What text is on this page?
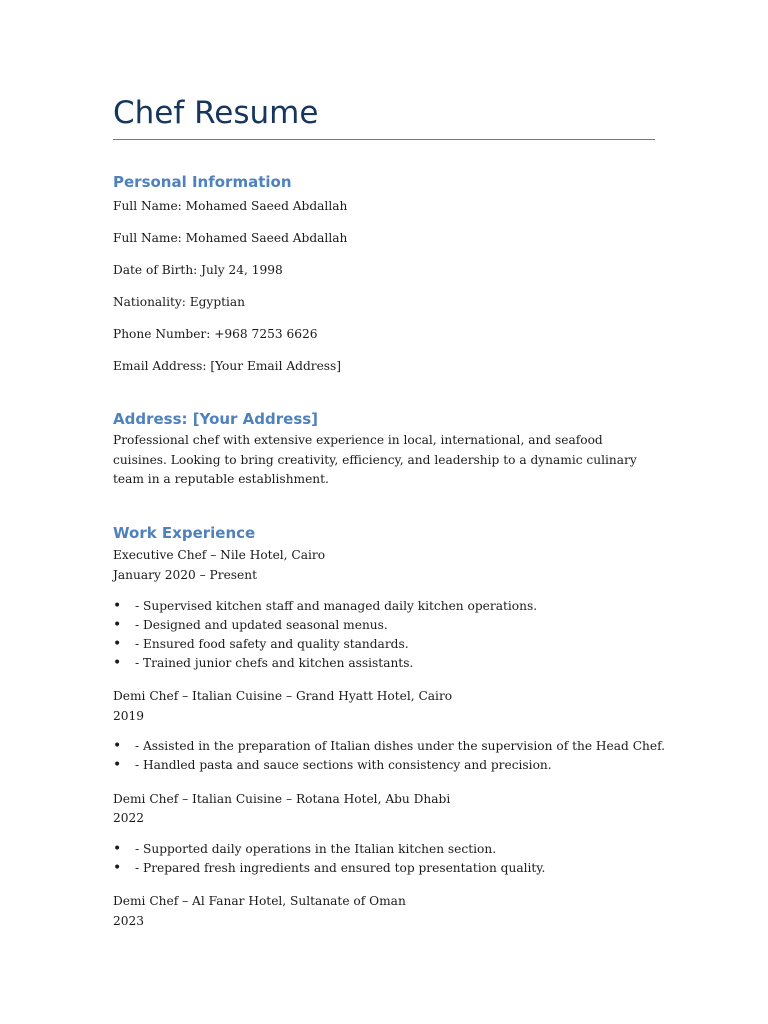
Chef Resume
Personal Information

Full Name: Mohamed Saeed Abdallah

Full Name: Mohamed Saeed Abdallah

Date of Birth: July 24, 1998

Nationality: Egyptian

Phone Number: +968 7253 6626

Email Address: [Your Email Address]

Address: [Your Address]

Professional chef with extensive experience in local, international, and seafood cuisines. Looking to bring creativity, efficiency, and leadership to a dynamic culinary team in a reputable establishment.

Work Experience

Executive Chef – Nile Hotel, Cairo

January 2020 – Present

• - Supervised kitchen staff and managed daily kitchen operations.
• - Designed and updated seasonal menus.
• - Ensured food safety and quality standards.
• - Trained junior chefs and kitchen assistants.

Demi Chef – Italian Cuisine – Grand Hyatt Hotel, Cairo

2019

• - Assisted in the preparation of Italian dishes under the supervision of the Head Chef.
• - Handled pasta and sauce sections with consistency and precision.

Demi Chef – Italian Cuisine – Rotana Hotel, Abu Dhabi

2022

• - Supported daily operations in the Italian kitchen section.
• - Prepared fresh ingredients and ensured top presentation quality.

Demi Chef – Al Fanar Hotel, Sultanate of Oman

2023
